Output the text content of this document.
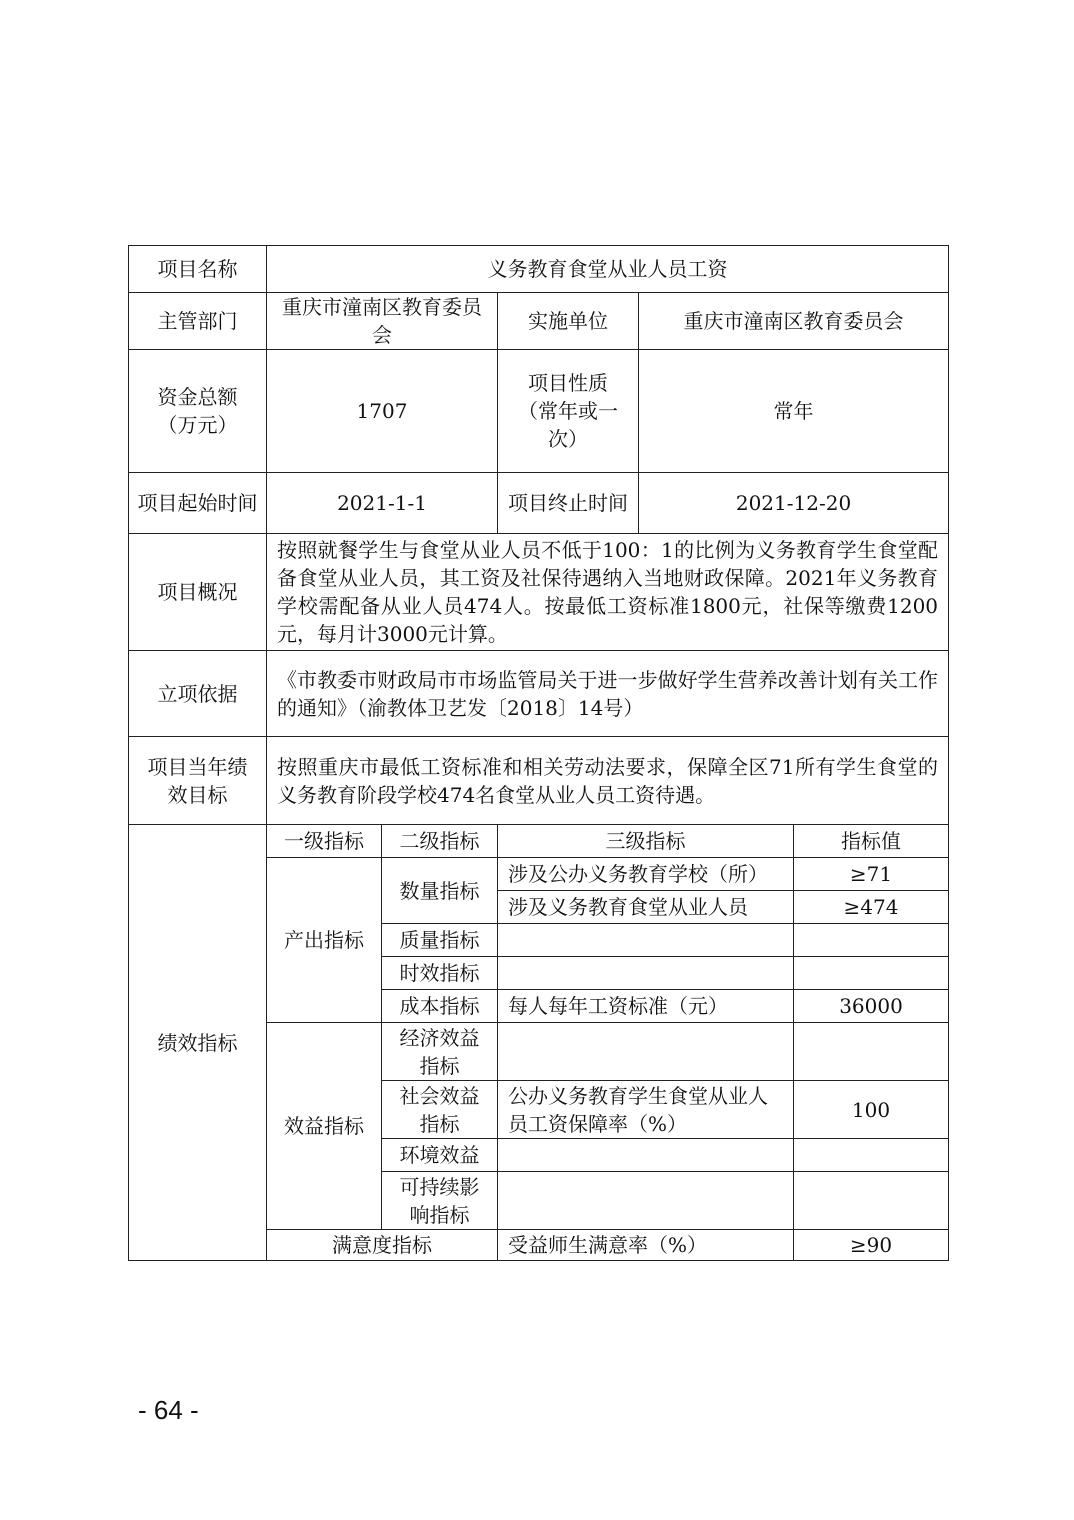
项目名称	义务教育食堂从业人员工资				
主管部门	重庆市潼南区教育委员会		实施单位	重庆市潼南区教育委员会	
资金总额（万元）	1707		项目性质（常年或一次）	常年	
项目起始时间	2021-1-1		项目终止时间	2021-12-20	
项目概况	按照就餐学生与食堂从业人员不低于100：1的比例为义务教育学生食堂配备食堂从业人员，其工资及社保待遇纳入当地财政保障。2021年义务教育学校需配备从业人员474人。按最低工资标准1800元，社保等缴费1200元，每月计3000元计算。				
立项依据	《市教委市财政局市市场监管局关于进一步做好学生营养改善计划有关工作的通知》（渝教体卫艺发〔2018〕14号）				
项目当年绩效目标	按照重庆市最低工资标准和相关劳动法要求，保障全区71所有学生食堂的义务教育阶段学校474名食堂从业人员工资待遇。				
绩效指标	一级指标	二级指标	三级指标		指标值
	产出指标	数量指标	涉及公办义务教育学校（所）		≥71
			涉及义务教育食堂从业人员		≥474
		质量指标			
		时效指标			
		成本指标	每人每年工资标准（元）		36000
	效益指标	经济效益指标			
		社会效益指标	公办义务教育学生食堂从业人员工资保障率（%）		100
		环境效益			
		可持续影响指标			
	满意度指标		受益师生满意率（%）		≥90
- 64 -
